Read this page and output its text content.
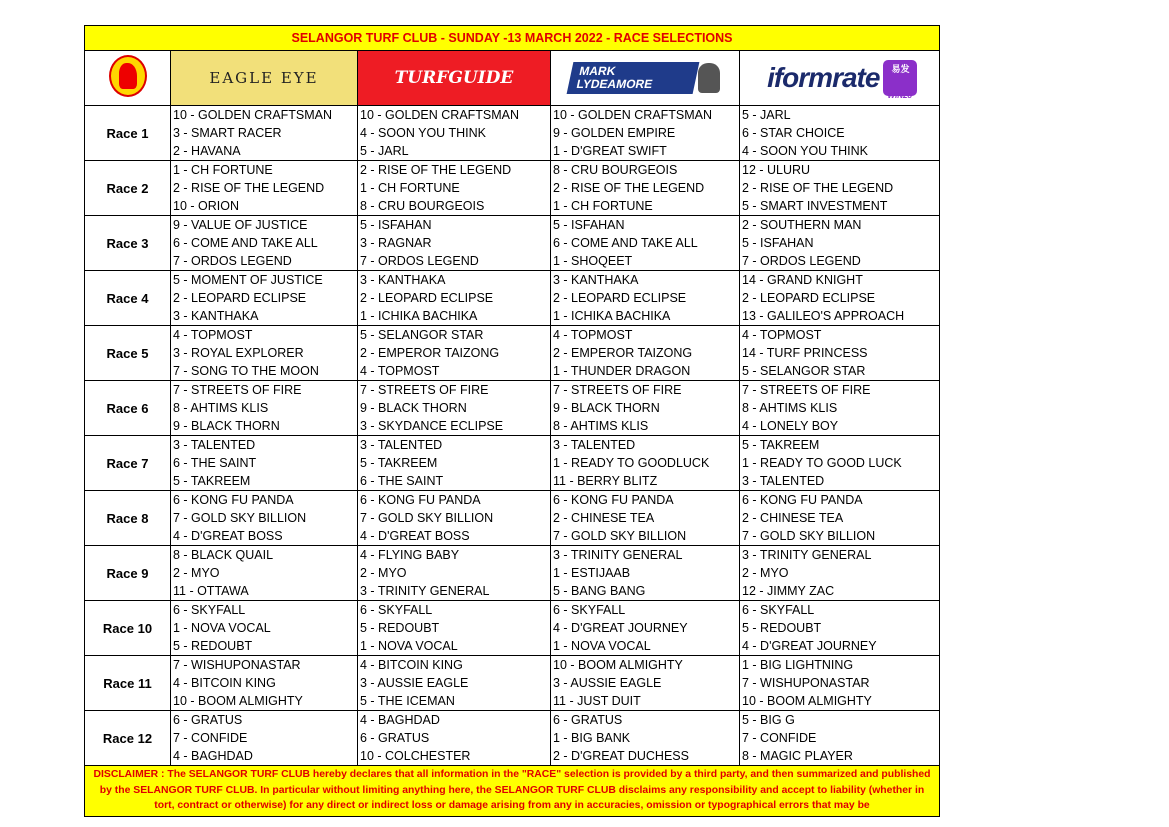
SELANGOR TURF CLUB - SUNDAY -13 MARCH 2022 - RACE SELECTIONS				

EAGLE EYE	TURFGUIDE	MARK LYDEAMORE	iformrate 易发
WIN28

Race 1	10 - GOLDEN CRAFTSMAN	10 - GOLDEN CRAFTSMAN	10 - GOLDEN CRAFTSMAN	5 - JARL
	3 - SMART RACER	4 - SOON YOU THINK	9 - GOLDEN EMPIRE	6 - STAR CHOICE
	2 - HAVANA	5 - JARL	1 - D'GREAT SWIFT	4 - SOON YOU THINK
Race 2	1 - CH FORTUNE	2 - RISE OF THE LEGEND	8 - CRU BOURGEOIS	12 - ULURU
	2 - RISE OF THE LEGEND	1 - CH FORTUNE	2 - RISE OF THE LEGEND	2 - RISE OF THE LEGEND
	10 - ORION	8 - CRU BOURGEOIS	1 - CH FORTUNE	5 - SMART INVESTMENT
Race 3	9 - VALUE OF JUSTICE	5 - ISFAHAN	5 - ISFAHAN	2 - SOUTHERN MAN
	6 - COME AND TAKE ALL	3 - RAGNAR	6 - COME AND TAKE ALL	5 - ISFAHAN
	7 - ORDOS LEGEND	7 - ORDOS LEGEND	1 - SHOQEET	7 - ORDOS LEGEND
Race 4	5 - MOMENT OF JUSTICE	3 - KANTHAKA	3 - KANTHAKA	14 - GRAND KNIGHT
	2 - LEOPARD ECLIPSE	2 - LEOPARD ECLIPSE	2 - LEOPARD ECLIPSE	2 - LEOPARD ECLIPSE
	3 - KANTHAKA	1 - ICHIKA BACHIKA	1 - ICHIKA BACHIKA	13 - GALILEO'S APPROACH
Race 5	4 - TOPMOST	5 - SELANGOR STAR	4 - TOPMOST	4 - TOPMOST
	3 - ROYAL EXPLORER	2 - EMPEROR TAIZONG	2 - EMPEROR TAIZONG	14 - TURF PRINCESS
	7 - SONG TO THE MOON	4 - TOPMOST	1 - THUNDER DRAGON	5 - SELANGOR STAR
Race 6	7 - STREETS OF FIRE	7 - STREETS OF FIRE	7 - STREETS OF FIRE	7 - STREETS OF FIRE
	8 - AHTIMS KLIS	9 - BLACK THORN	9 - BLACK THORN	8 - AHTIMS KLIS
	9 - BLACK THORN	3 - SKYDANCE ECLIPSE	8 - AHTIMS KLIS	4 - LONELY BOY
Race 7	3 - TALENTED	3 - TALENTED	3 - TALENTED	5 - TAKREEM
	6 - THE SAINT	5 - TAKREEM	1 - READY TO GOODLUCK	1 - READY TO GOOD LUCK
	5 - TAKREEM	6 - THE SAINT	11 - BERRY BLITZ	3 - TALENTED
Race 8	6 - KONG FU PANDA	6 - KONG FU PANDA	6 - KONG FU PANDA	6 - KONG FU PANDA
	7 - GOLD SKY BILLION	7 - GOLD SKY BILLION	2 - CHINESE TEA	2 - CHINESE TEA
	4 - D'GREAT BOSS	4 - D'GREAT BOSS	7 - GOLD SKY BILLION	7 - GOLD SKY BILLION
Race 9	8 - BLACK QUAIL	4 - FLYING BABY	3 - TRINITY GENERAL	3 - TRINITY GENERAL
	2 - MYO	2 - MYO	1 - ESTIJAAB	2 - MYO
	11 - OTTAWA	3 - TRINITY GENERAL	5 - BANG BANG	12 - JIMMY ZAC
Race 10	6 - SKYFALL	6 - SKYFALL	6 - SKYFALL	6 - SKYFALL
	1 - NOVA VOCAL	5 - REDOUBT	4 - D'GREAT JOURNEY	5 - REDOUBT
	5 - REDOUBT	1 - NOVA VOCAL	1 - NOVA VOCAL	4 - D'GREAT JOURNEY
Race 11	7 - WISHUPONASTAR	4 - BITCOIN KING	10 - BOOM ALMIGHTY	1 - BIG LIGHTNING
	4 - BITCOIN KING	3 - AUSSIE EAGLE	3 - AUSSIE EAGLE	7 - WISHUPONASTAR
	10 - BOOM ALMIGHTY	5 - THE ICEMAN	11 - JUST DUIT	10 - BOOM ALMIGHTY
Race 12	6 - GRATUS	4 - BAGHDAD	6 - GRATUS	5 - BIG G
	7 - CONFIDE	6 - GRATUS	1 - BIG BANK	7 - CONFIDE
	4 - BAGHDAD	10 - COLCHESTER	2 - D'GREAT DUCHESS	8 - MAGIC PLAYER
DISCLAIMER : The SELANGOR TURF CLUB hereby declares that all information in the "RACE" selection is provided by a third party, and then summarized and published by the SELANGOR TURF CLUB. In particular without limiting anything here, the SELANGOR TURF CLUB disclaims any responsibility and accept to liability (whether in tort, contract or otherwise) for any direct or indirect loss or damage arising from any in accuracies, omission or typographical errors that may be				
